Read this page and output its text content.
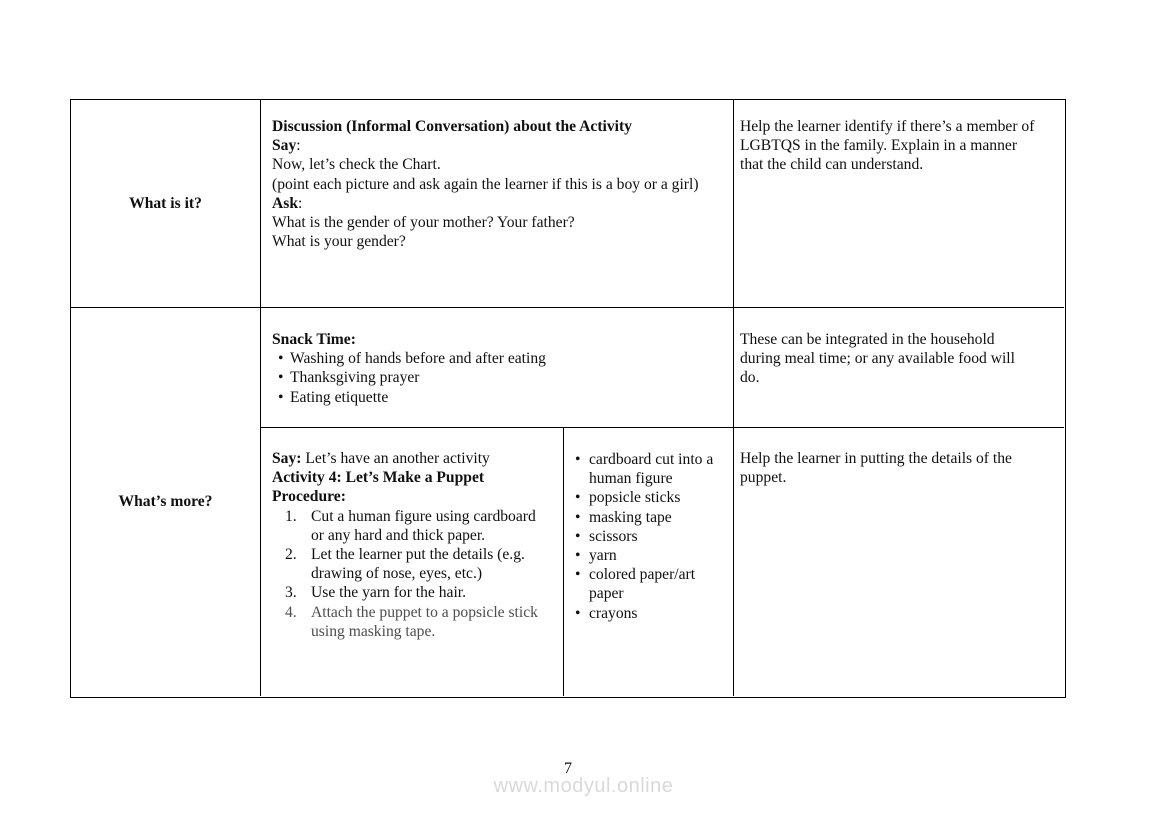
What is it?
Discussion (Informal Conversation) about the Activity
Say:
Now, let’s check the Chart.
(point each picture and ask again the learner if this is a boy or a girl)
Ask:
What is the gender of your mother? Your father?
What is your gender?
Help the learner identify if there’s a member of
LGBTQS in the family. Explain in a manner
that the child can understand.
What’s more?
Snack Time:
• Washing of hands before and after eating
• Thanksgiving prayer
• Eating etiquette
These can be integrated in the household
during meal time; or any available food will
do.
Say: Let’s have an another activity
Activity 4: Let’s Make a Puppet
Procedure:
1. Cut a human figure using cardboard
or any hard and thick paper.
2. Let the learner put the details (e.g.
drawing of nose, eyes, etc.)
3. Use the yarn for the hair.
4. Attach the puppet to a popsicle stick
using masking tape.
• cardboard cut into a
human figure
• popsicle sticks
• masking tape
• scissors
• yarn
• colored paper/art
paper
• crayons
Help the learner in putting the details of the
puppet.
7
www.modyul.online
